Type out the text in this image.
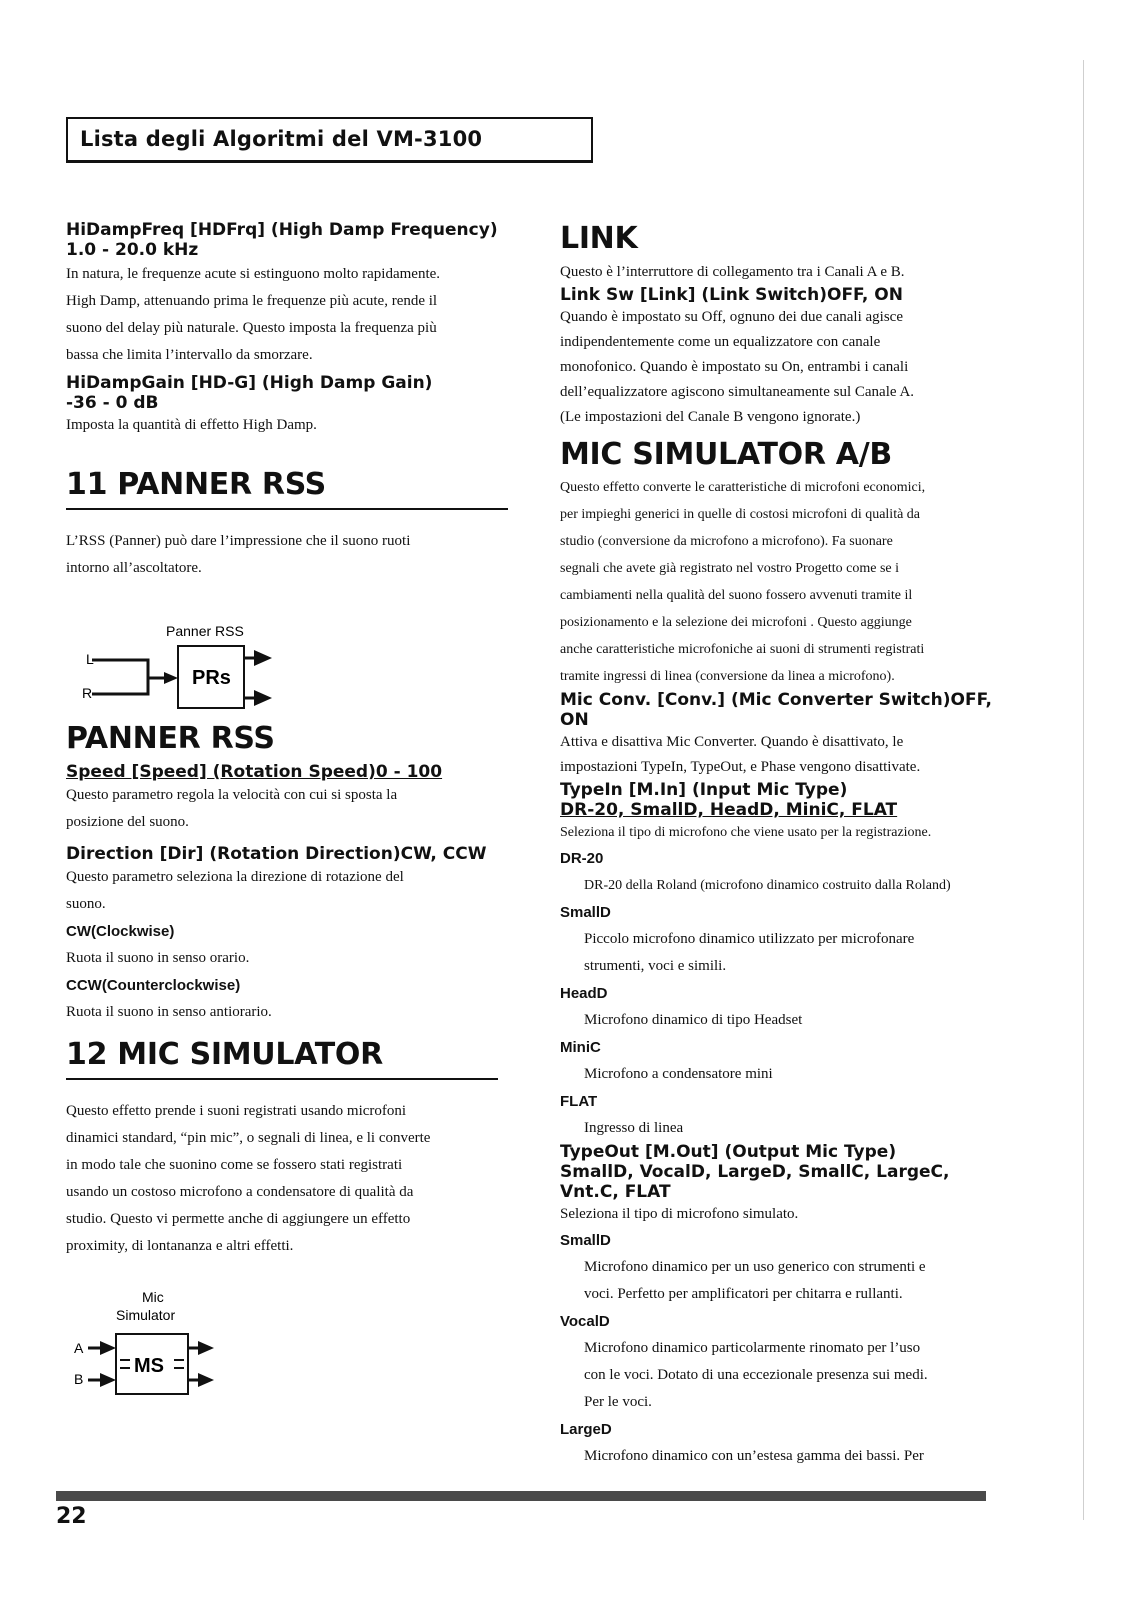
Lista degli Algoritmi del VM-3100
HiDampFreq [HDFrq] (High Damp Frequency)
1.0 - 20.0 kHz
In natura, le frequenze acute si estinguono molto rapidamente.
High Damp, attenuando prima le frequenze più acute, rende il
suono del delay più naturale. Questo imposta la frequenza più
bassa che limita l’intervallo da smorzare.
HiDampGain [HD-G] (High Damp Gain)
-36 - 0 dB
Imposta la quantità di effetto High Damp.
11 PANNER RSS
L’RSS (Panner) può dare l’impressione che il suono ruoti
intorno all’ascoltatore.
Panner RSS
L
R
PRs
PANNER RSS
Speed [Speed] (Rotation Speed)0 - 100
Questo parametro regola la velocità con cui si sposta la
posizione del suono.
Direction [Dir] (Rotation Direction)CW, CCW
Questo parametro seleziona la direzione di rotazione del
suono.
CW(Clockwise)
Ruota il suono in senso orario.
CCW(Counterclockwise)
Ruota il suono in senso antiorario.
12 MIC SIMULATOR
Questo effetto prende i suoni registrati usando microfoni
dinamici standard, “pin mic”, o segnali di linea, e li converte
in modo tale che suonino come se fossero stati registrati
usando un costoso microfono a condensatore di qualità da
studio. Questo vi permette anche di aggiungere un effetto
proximity, di lontananza e altri effetti.
Mic
Simulator
A
B
MS
LINK
Questo è l’interruttore di collegamento tra i Canali A e B.
Link Sw [Link] (Link Switch)OFF, ON
Quando è impostato su Off, ognuno dei due canali agisce
indipendentemente come un equalizzatore con canale
monofonico. Quando è impostato su On, entrambi i canali
dell’equalizzatore agiscono simultaneamente sul Canale A.
(Le impostazioni del Canale B vengono ignorate.)
MIC SIMULATOR A/B
Questo effetto converte le caratteristiche di microfoni economici,
per impieghi generici in quelle di costosi microfoni di qualità da
studio (conversione da microfono a microfono). Fa suonare
segnali che avete già registrato nel vostro Progetto come se i
cambiamenti nella qualità del suono fossero avvenuti tramite il
posizionamento e la selezione dei microfoni . Questo aggiunge
anche caratteristiche microfoniche ai suoni di strumenti registrati
tramite ingressi di linea (conversione da linea a microfono).
Mic Conv. [Conv.] (Mic Converter Switch)OFF, ON
Attiva e disattiva Mic Converter. Quando è disattivato, le
impostazioni TypeIn, TypeOut, e Phase vengono disattivate.
TypeIn [M.In] (Input Mic Type)
DR-20, SmallD, HeadD, MiniC, FLAT
Seleziona il tipo di microfono che viene usato per la registrazione.
DR-20
DR-20 della Roland (microfono dinamico costruito dalla Roland)
SmallD
Piccolo microfono dinamico utilizzato per microfonare
strumenti, voci e simili.
HeadD
Microfono dinamico di tipo Headset
MiniC
Microfono a condensatore mini
FLAT
Ingresso di linea
TypeOut [M.Out] (Output Mic Type)
SmallD, VocalD, LargeD, SmallC, LargeC,
Vnt.C, FLAT
Seleziona il tipo di microfono simulato.
SmallD
Microfono dinamico per un uso generico con strumenti e
voci. Perfetto per amplificatori per chitarra e rullanti.
VocalD
Microfono dinamico particolarmente rinomato per l’uso
con le voci. Dotato di una eccezionale presenza sui medi.
Per le voci.
LargeD
Microfono dinamico con un’estesa gamma dei bassi. Per
22
